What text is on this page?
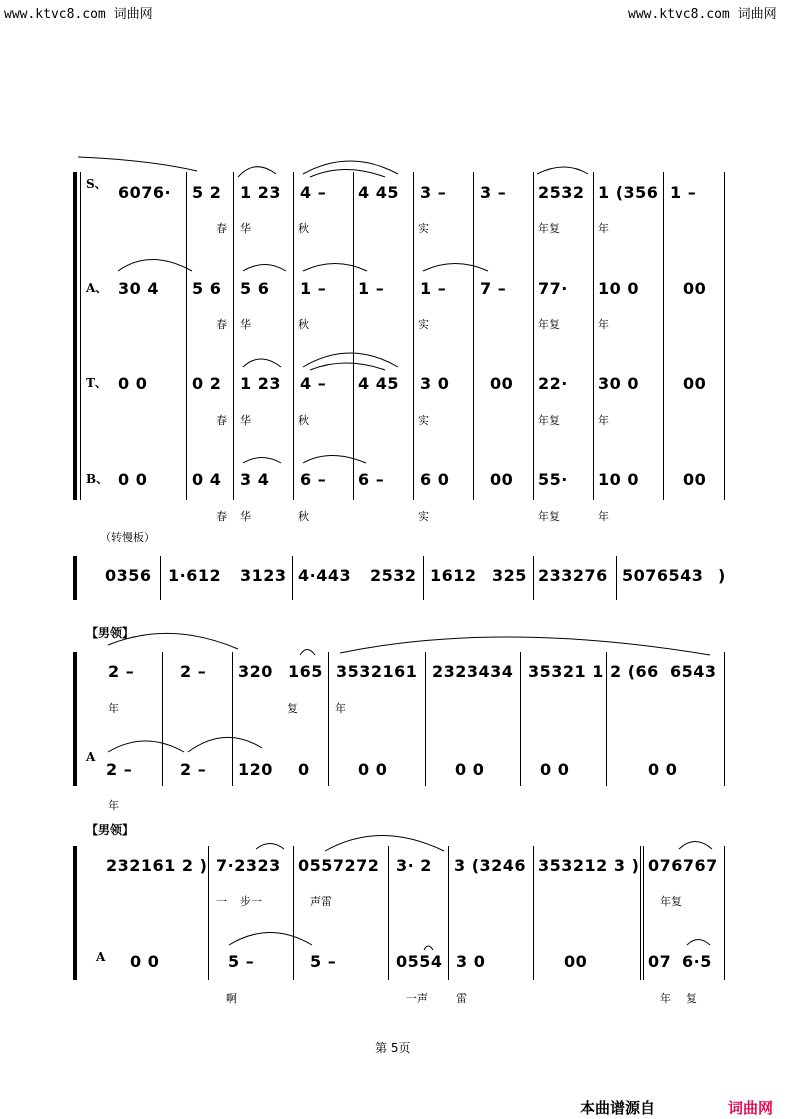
www.ktvc8.com 词曲网	www.ktvc8.com 词曲网
S、 6076· 5 2 1 23 4 – 4 45 3 – 3 – 2532 1 (356 1 –
春 华	秋	实	年复	年
A、 30 4 5 6 5 6 1 – 1 – 1 – 7 – 77· 10 0	00
春 华	秋	实	年复	年
T、 0 0	0 2 1 23 4 – 4 45 3 0	00 22· 30 0	00
春 华	秋	实	年复	年
B、 0 0	0 4 3 4 6 – 6 – 6 0	00 55· 10 0	00
春 华	秋	实	年复	年
（转慢板）
0356 1·612 3123 4·443 2532 1612 325 233276 5076543 )
【男领】
2 –	2 – 320 165 3532161 2323434 35321 1 2 (66 6543
年	复	年
A
2 –	2 – 120 0	0 0	0 0	0 0	0 0
年
【男领】
232161 2 ) 7·2323 0557272 3· 2 3 (3246 353212 3 ) 076767
一 步一	声雷	年复
A 0 0	5 –	5 –	0554 3 0	00	07 6·5
啊	一声	雷	年 复
第 5页
本曲谱源自	词曲网
